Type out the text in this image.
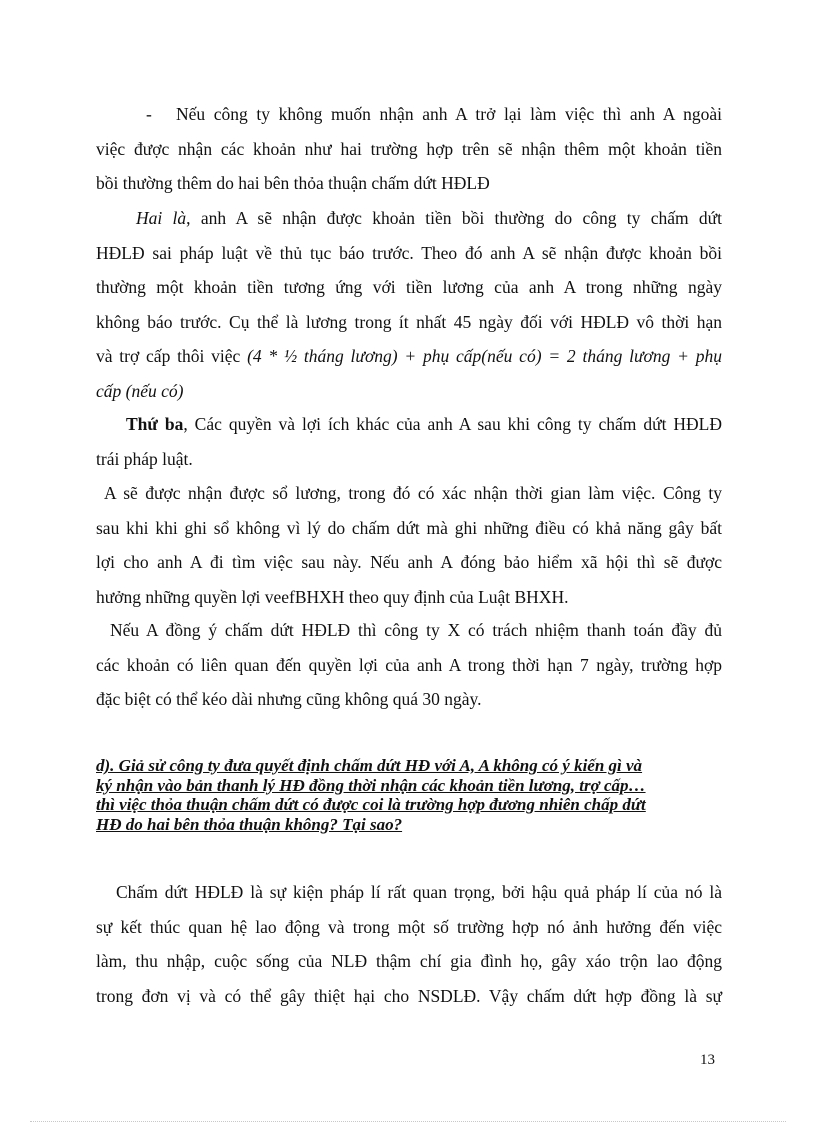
- Nếu công ty không muốn nhận anh A trở lại làm việc thì anh A ngoài
việc được nhận các khoản như hai trường hợp trên sẽ nhận thêm một khoản tiền
bồi thường thêm do hai bên thỏa thuận chấm dứt HĐLĐ
Hai là, anh A sẽ nhận được khoản tiền bồi thường do công ty chấm dứt
HĐLĐ sai pháp luật về thủ tục báo trước. Theo đó anh A sẽ nhận được khoản bồi
thường một khoản tiền tương ứng với tiền lương của anh A trong những ngày
không báo trước. Cụ thể là lương trong ít nhất 45 ngày đối với HĐLĐ vô thời hạn
và trợ cấp thôi việc (4 * ½ tháng lương) + phụ cấp(nếu có) = 2 tháng lương + phụ
cấp (nếu có)
Thứ ba, Các quyền và lợi ích khác của anh A sau khi công ty chấm dứt HĐLĐ
trái pháp luật.
A sẽ được nhận được sổ lương, trong đó có xác nhận thời gian làm việc. Công ty
sau khi khi ghi sổ không vì lý do chấm dứt mà ghi những điều có khả năng gây bất
lợi cho anh A đi tìm việc sau này. Nếu anh A đóng bảo hiểm xã hội thì sẽ được
hưởng những quyền lợi veefBHXH theo quy định của Luật BHXH.
Nếu A đồng ý chấm dứt HĐLĐ thì công ty X có trách nhiệm thanh toán đầy đủ
các khoản có liên quan đến quyền lợi của anh A trong thời hạn 7 ngày, trường hợp
đặc biệt có thể kéo dài nhưng cũng không quá 30 ngày.
d). Giả sử công ty đưa quyết định chấm dứt HĐ với A, A không có ý kiến gì và
ký nhận vào bản thanh lý HĐ đồng thời nhận các khoản tiền lương, trợ cấp…
thì việc thỏa thuận chấm dứt có được coi là trường hợp đương nhiên chấp dứt
HĐ do hai bên thỏa thuận không? Tại sao?
Chấm dứt HĐLĐ là sự kiện pháp lí rất quan trọng, bởi hậu quả pháp lí của nó là
sự kết thúc quan hệ lao động và trong một số trường hợp nó ảnh hưởng đến việc
làm, thu nhập, cuộc sống của NLĐ thậm chí gia đình họ, gây xáo trộn lao động
trong đơn vị và có thể gây thiệt hại cho NSDLĐ. Vậy chấm dứt hợp đồng là sự
13
